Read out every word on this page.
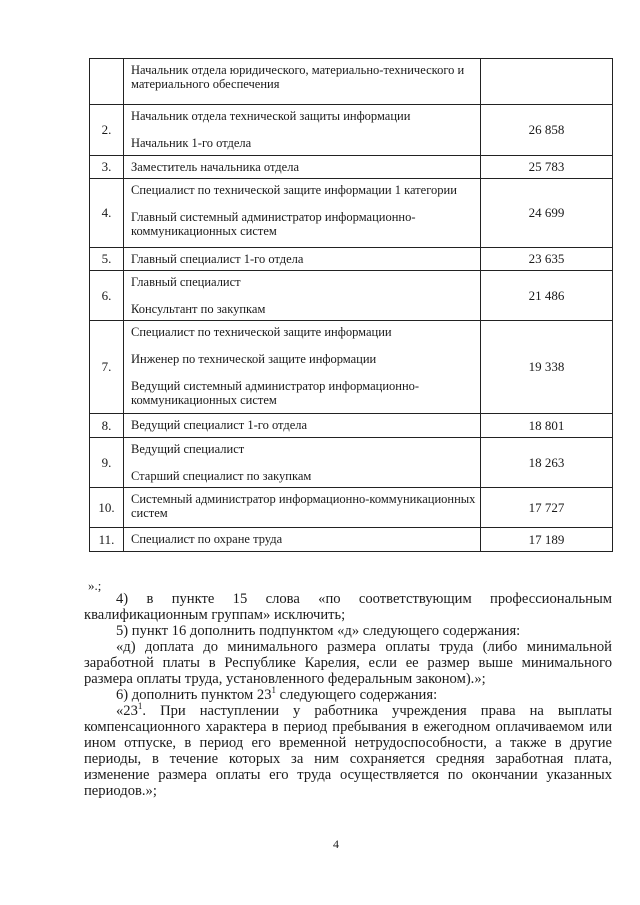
	Начальник отдела юридического, материально-технического и материального обеспечения	

2.	Начальник отдела технической защиты информации
Начальник 1-го отдела	26 858
3.	Заместитель начальника отдела	25 783
4.	Специалист по технической защите информации 1 категории
Главный системный администратор информационно-коммуникационных систем	24 699
5.	Главный специалист 1-го отдела	23 635
6.	Главный специалист
Консультант по закупкам	21 486
7.	Специалист по технической защите информации
Инженер по технической защите информации
Ведущий системный администратор информационно-коммуникационных систем	19 338
8.	Ведущий специалист 1-го отдела	18 801
9.	Ведущий специалист
Старший специалист по закупкам	18 263
10.	Системный администратор информационно-коммуникационных систем	17 727
11.	Специалист по охране труда	17 189
».;

4) в пункте 15 слова «по соответствующим профессиональным квалификационным группам» исключить;

5) пункт 16 дополнить подпунктом «д» следующего содержания:

«д) доплата до минимального размера оплаты труда (либо минимальной заработной платы в Республике Карелия, если ее размер выше минимального размера оплаты труда, установленного федеральным законом).»;

6) дополнить пунктом $23^1$ следующего содержания:

«$23^1$. При наступлении у работника учреждения права на выплаты компенсационного характера в период пребывания в ежегодном оплачиваемом или ином отпуске, в период его временной нетрудоспособности, а также в другие периоды, в течение которых за ним сохраняется средняя заработная плата, изменение размера оплаты его труда осуществляется по окончании указанных периодов.»;

4
